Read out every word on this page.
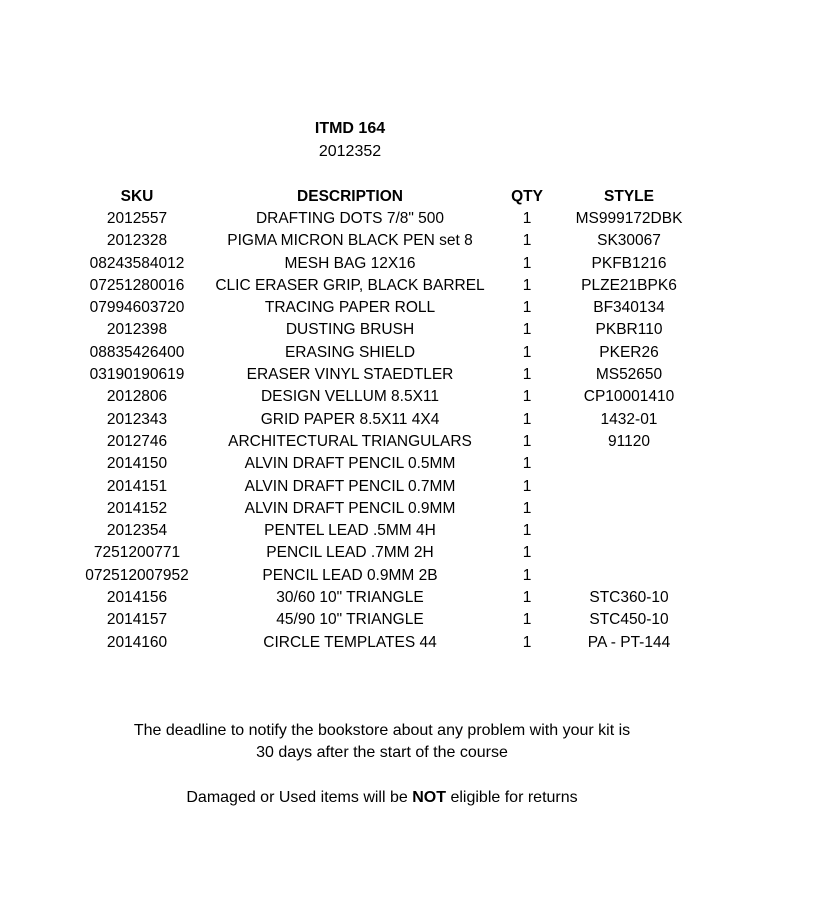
ITMD 164
2012352
SKU	DESCRIPTION	QTY	STYLE
2012557	DRAFTING DOTS 7/8" 500	1	MS999172DBK
2012328	PIGMA MICRON BLACK PEN set 8	1	SK30067
08243584012	MESH BAG 12X16	1	PKFB1216
07251280016	CLIC ERASER GRIP, BLACK BARREL	1	PLZE21BPK6
07994603720	TRACING PAPER ROLL	1	BF340134
2012398	DUSTING BRUSH	1	PKBR110
08835426400	ERASING SHIELD	1	PKER26
03190190619	ERASER VINYL STAEDTLER	1	MS52650
2012806	DESIGN VELLUM 8.5X11	1	CP10001410
2012343	GRID PAPER 8.5X11 4X4	1	1432-01
2012746	ARCHITECTURAL TRIANGULARS	1	91120
2014150	ALVIN DRAFT PENCIL 0.5MM	1
2014151	ALVIN DRAFT PENCIL 0.7MM	1
2014152	ALVIN DRAFT PENCIL 0.9MM	1
2012354	PENTEL LEAD .5MM 4H	1
7251200771	PENCIL LEAD .7MM 2H	1
072512007952	PENCIL LEAD 0.9MM 2B	1
2014156	30/60 10" TRIANGLE	1	STC360-10
2014157	45/90 10" TRIANGLE	1	STC450-10
2014160	CIRCLE TEMPLATES 44	1	PA - PT-144
The deadline to notify the bookstore about any problem with your kit is
30 days after the start of the course
Damaged or Used items will be NOT eligible for returns
